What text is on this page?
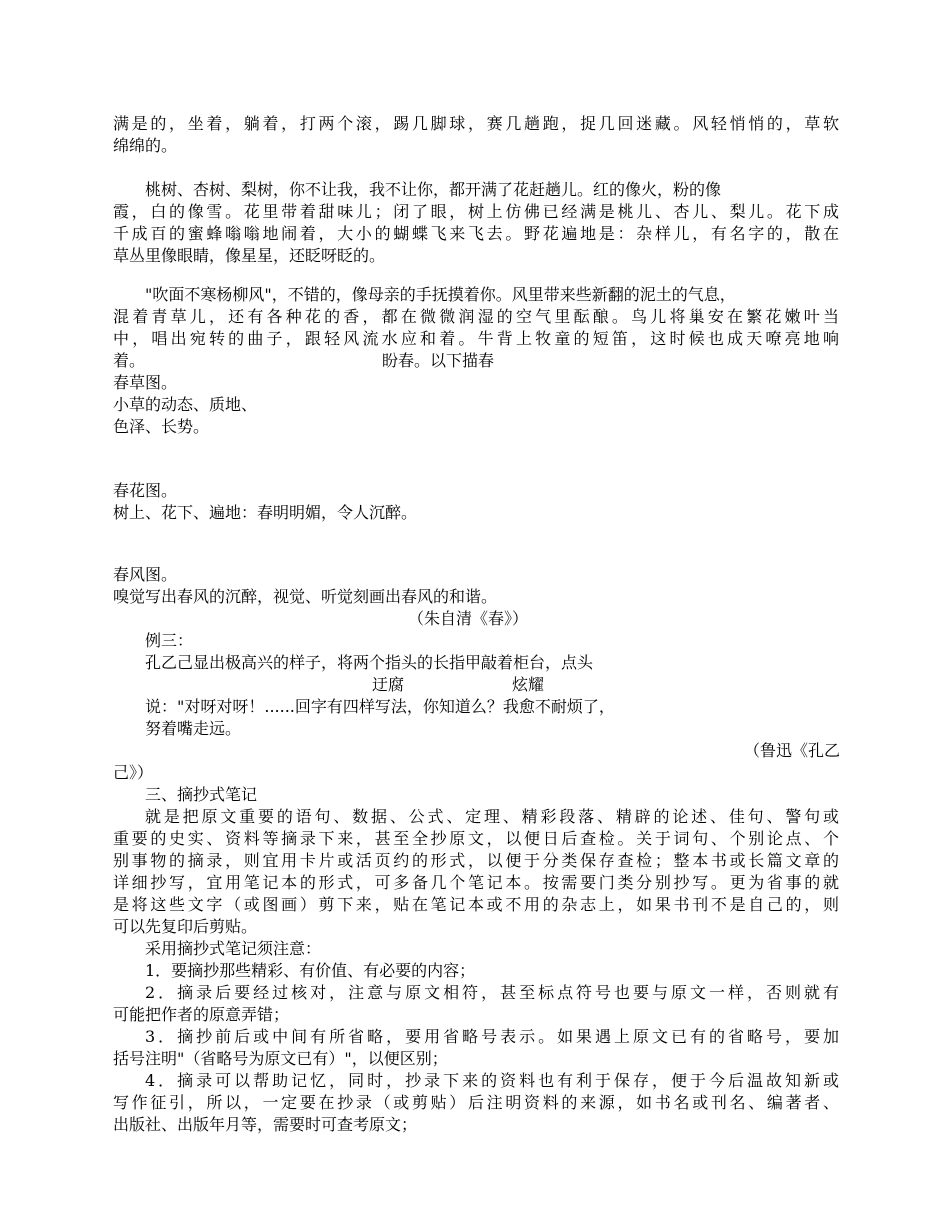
满是的，坐着，躺着，打两个滚，踢几脚球，赛几趟跑，捉几回迷藏。风轻悄悄的，草软

绵绵的。

桃树、杏树、梨树，你不让我，我不让你，都开满了花赶趟儿。红的像火，粉的像

霞，白的像雪。花里带着甜味儿；闭了眼，树上仿佛已经满是桃儿、杏儿、梨儿。花下成

千成百的蜜蜂嗡嗡地闹着，大小的蝴蝶飞来飞去。野花遍地是：杂样儿，有名字的，散在

草丛里像眼睛，像星星，还眨呀眨的。

"吹面不寒杨柳风"，不错的，像母亲的手抚摸着你。风里带来些新翻的泥土的气息，

混着青草儿，还有各种花的香，都在微微润湿的空气里酝酿。鸟儿将巢安在繁花嫩叶当

中，唱出宛转的曲子，跟轻风流水应和着。牛背上牧童的短笛，这时候也成天嘹亮地响

着。	盼春。以下描春

春草图。

小草的动态、质地、

色泽、长势。

春花图。

树上、花下、遍地：春明明媚，令人沉醉。

春风图。

嗅觉写出春风的沉醉，视觉、听觉刻画出春风的和谐。

（朱自清《春》）

例三：

孔乙己显出极高兴的样子，将两个指头的长指甲敲着柜台，点头

迂腐	炫耀

说："对呀对呀！......回字有四样写法，你知道么？我愈不耐烦了，

努着嘴走远。

（鲁迅《孔乙

己》）

三、摘抄式笔记

就是把原文重要的语句、数据、公式、定理、精彩段落、精辟的论述、佳句、警句或

重要的史实、资料等摘录下来，甚至全抄原文，以便日后查检。关于词句、个别论点、个

别事物的摘录，则宜用卡片或活页约的形式，以便于分类保存查检；整本书或长篇文章的

详细抄写，宜用笔记本的形式，可多备几个笔记本。按需要门类分别抄写。更为省事的就

是将这些文字（或图画）剪下来，贴在笔记本或不用的杂志上，如果书刊不是自己的，则

可以先复印后剪贴。

采用摘抄式笔记须注意：

1．要摘抄那些精彩、有价值、有必要的内容；

2．摘录后要经过核对，注意与原文相符，甚至标点符号也要与原文一样，否则就有

可能把作者的原意弄错；

3．摘抄前后或中间有所省略，要用省略号表示。如果遇上原文已有的省略号，要加

括号注明"（省略号为原文已有）"，以便区别；

4．摘录可以帮助记忆，同时，抄录下来的资料也有利于保存，便于今后温故知新或

写作征引，所以，一定要在抄录（或剪贴）后注明资料的来源，如书名或刊名、编著者、

出版社、出版年月等，需要时可查考原文；
